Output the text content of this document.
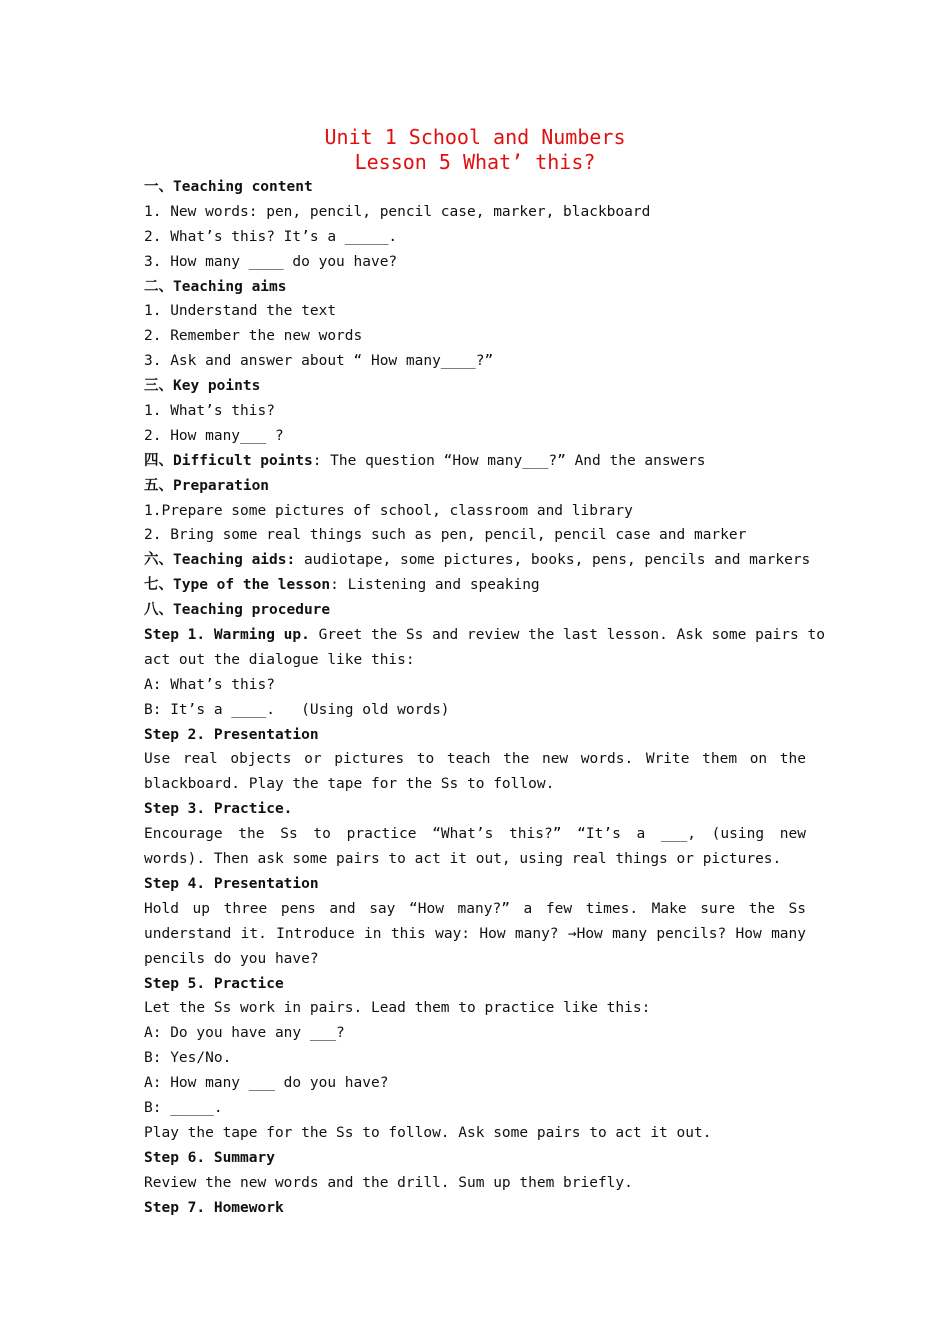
Unit 1 School and Numbers
Lesson 5 What’ this?
一、Teaching content
1. New words: pen, pencil, pencil case, marker, blackboard
2. What’s this? It’s a _____.
3. How many ____ do you have?
二、Teaching aims
1. Understand the text
2. Remember the new words
3. Ask and answer about “ How many____?”
三、Key points
1. What’s this?
2. How many___ ?
四、Difficult points: The question “How many___?” And the answers
五、Preparation
1.Prepare some pictures of school, classroom and library
2. Bring some real things such as pen, pencil, pencil case and marker
六、Teaching aids: audiotape, some pictures, books, pens, pencils and markers
七、Type of the lesson: Listening and speaking
八、Teaching procedure
Step 1. Warming up. Greet the Ss and review the last lesson. Ask some pairs to
act out the dialogue like this:
A: What’s this?
B: It’s a ____.   (Using old words)
Step 2. Presentation
Use real objects or pictures to teach the new words. Write them on the
blackboard. Play the tape for the Ss to follow.
Step 3. Practice.
Encourage the Ss to practice “What’s this?” “It’s a ___, (using new
words). Then ask some pairs to act it out, using real things or pictures.
Step 4. Presentation
Hold up three pens and say “How many?” a few times. Make sure the Ss
understand it. Introduce in this way: How many? →How many pencils? How many
pencils do you have?
Step 5. Practice
Let the Ss work in pairs. Lead them to practice like this:
A: Do you have any ___?
B: Yes/No.
A: How many ___ do you have?
B: _____.
Play the tape for the Ss to follow. Ask some pairs to act it out.
Step 6. Summary
Review the new words and the drill. Sum up them briefly.
Step 7. Homework
